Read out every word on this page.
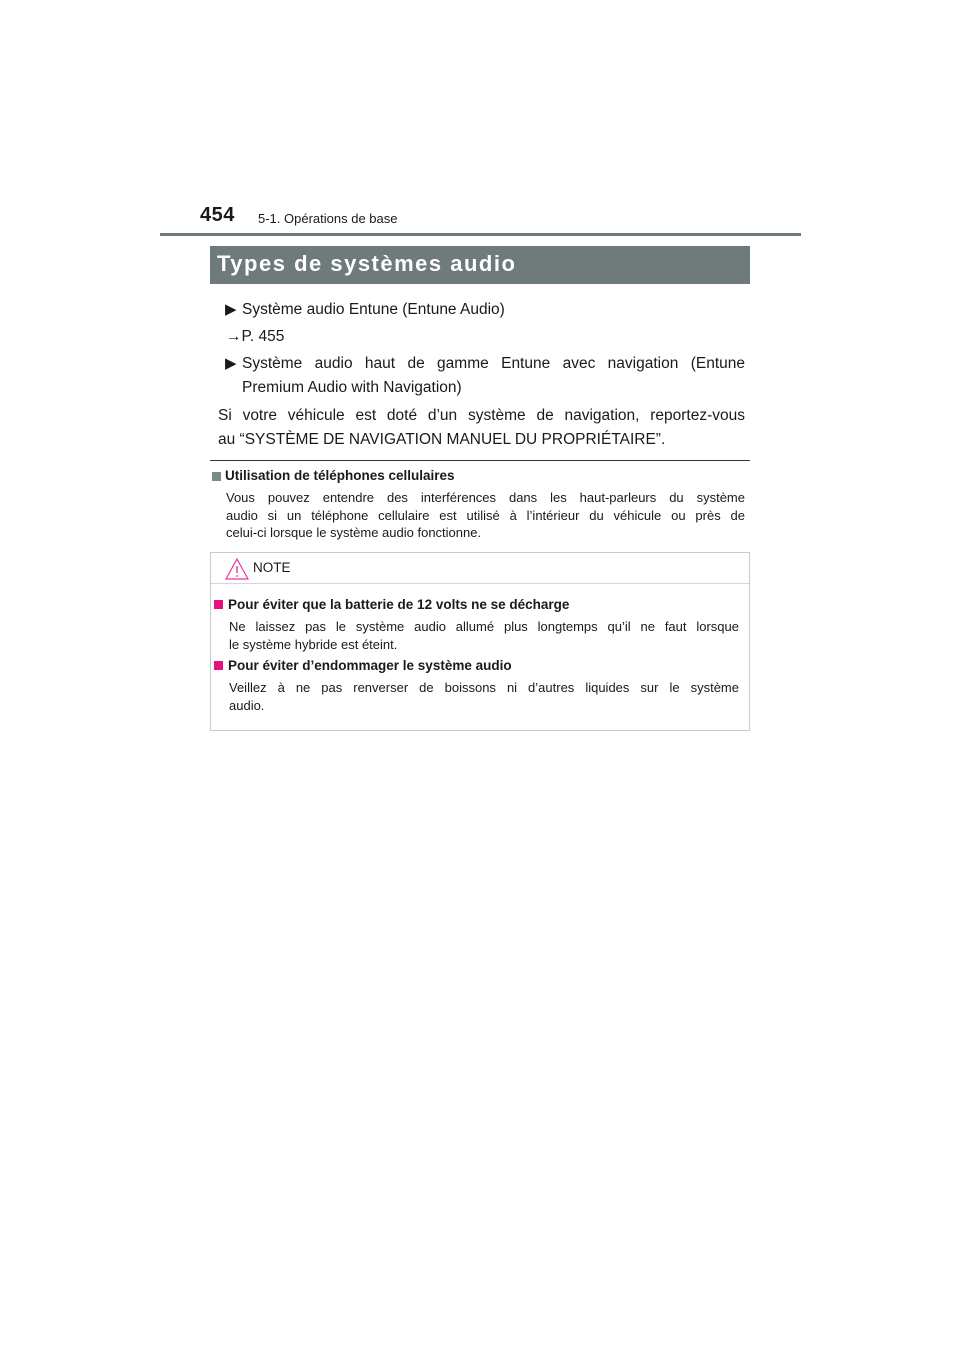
454 5-1. Opérations de base
Types de systèmes audio
▶ Système audio Entune (Entune Audio)
→P. 455
▶ Système audio haut de gamme Entune avec navigation (Entune
Premium Audio with Navigation)
Si votre véhicule est doté d’un système de navigation, reportez-vous
au “SYSTÈME DE NAVIGATION MANUEL DU PROPRIÉTAIRE”.
Utilisation de téléphones cellulaires
Vous pouvez entendre des interférences dans les haut-parleurs du système
audio si un téléphone cellulaire est utilisé à l’intérieur du véhicule ou près de
celui-ci lorsque le système audio fonctionne.
NOTE
Pour éviter que la batterie de 12 volts ne se décharge
Ne laissez pas le système audio allumé plus longtemps qu’il ne faut lorsque
le système hybride est éteint.
Pour éviter d’endommager le système audio
Veillez à ne pas renverser de boissons ni d’autres liquides sur le système
audio.
